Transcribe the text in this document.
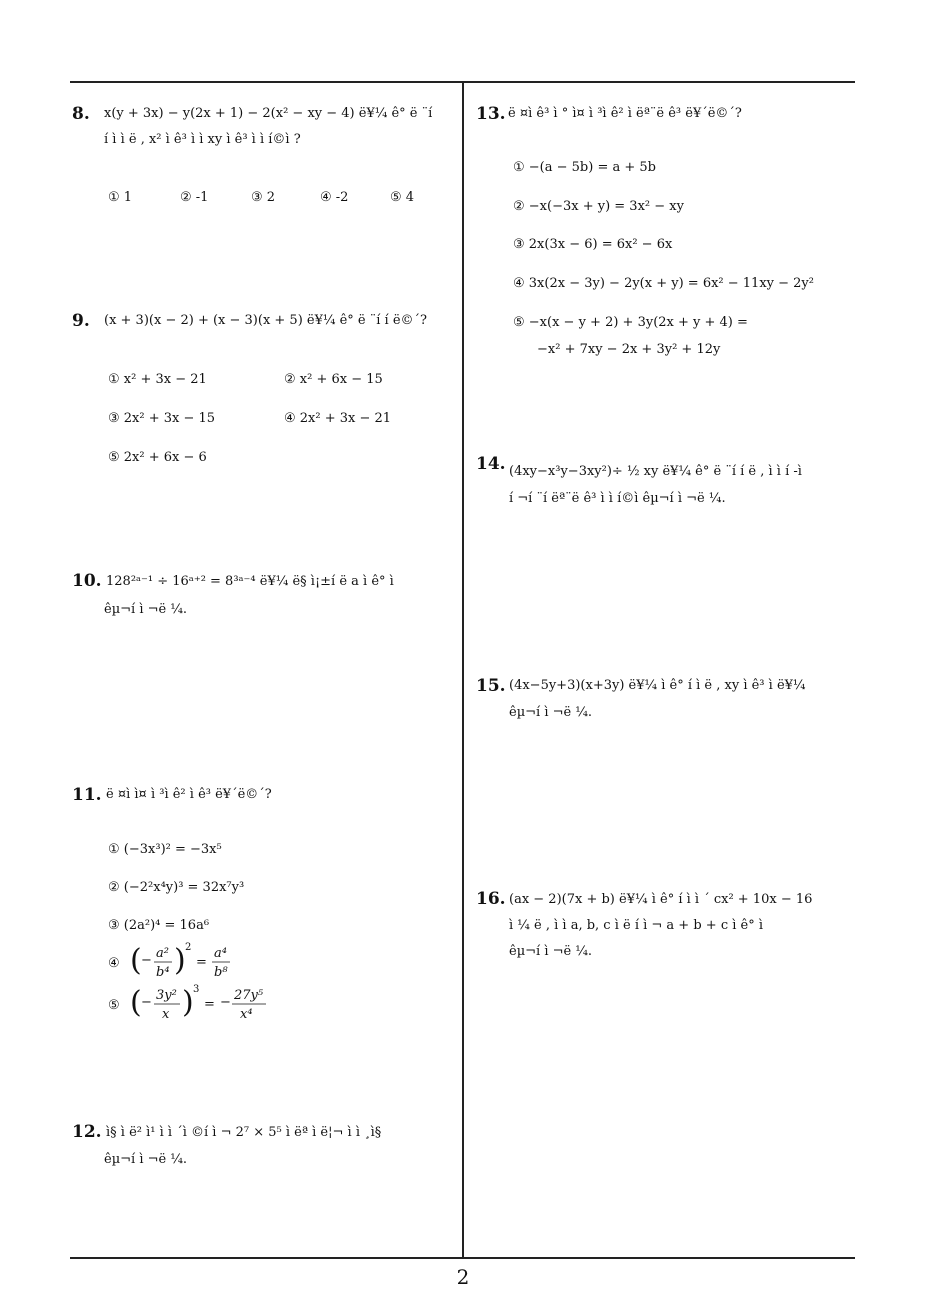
8. x(y + 3x) − y(2x + 1) − 2(x² − xy − 4) ë¥¼ ê° ë ¨í
í ì ì ë , x² ì ê³ ì ì xy ì ê³ ì ì í©ì ?
① 1	② -1	③ 2	④ -2	⑤ 4
9. (x + 3)(x − 2) + (x − 3)(x + 5) ë¥¼ ê° ë ¨í í ë©´?
① x² + 3x − 21	② x² + 6x − 15
③ 2x² + 3x − 15	④ 2x² + 3x − 21
⑤ 2x² + 6x − 6
10. 128²ᵃ⁻¹ ÷ 16ᵃ⁺² = 8³ᵃ⁻⁴ ë¥¼ ë§ ì¡±í ë a ì ê° ì
êµ¬í ì ¬ë ¼.
11. ë ¤ì ì¤ ì ³ì ê² ì ê³ ë¥´ë©´?
① (−3x³)² = −3x⁵
② (−2²x⁴y)³ = 32x⁷y³
③ (2a²)⁴ = 16a⁶
④ ( − a²
b⁴ ) 2
=
a⁴
b⁸
⑤ ( − 3y²
x ) 3
= − 27y⁵
x⁴
12. ì§ ì ë² ì¹ ì ì ´ì ©í ì ¬ 2⁷ × 5⁵ ì ëª ì ë¦¬ ì ì ¸ì§
êµ¬í ì ¬ë ¼.
13. ë ¤ì ê³ ì ° ì¤ ì ³ì ê² ì ëª¨ë ê³ ë¥´ë©´?
① −(a − 5b) = a + 5b
② −x(−3x + y) = 3x² − xy
③ 2x(3x − 6) = 6x² − 6x
④ 3x(2x − 3y) − 2y(x + y) = 6x² − 11xy − 2y²
⑤ −x(x − y + 2) + 3y(2x + y + 4) =
−x² + 7xy − 2x + 3y² + 12y
14. (4xy−x³y−3xy²)÷ ½ xy ë¥¼ ê° ë ¨í í ë , ì ì í -ì
í ¬í ¨í ëª¨ë ê³ ì ì í©ì êµ¬í ì ¬ë ¼.
15. (4x−5y+3)(x+3y) ë¥¼ ì ê° í ì ë , xy ì ê³ ì ë¥¼
êµ¬í ì ¬ë ¼.
16. (ax − 2)(7x + b) ë¥¼ ì ê° í ì ì ´ cx² + 10x − 16
ì ¼ ë , ì ì a, b, c ì ë í ì ¬ a + b + c ì ê° ì
êµ¬í ì ¬ë ¼.
2
